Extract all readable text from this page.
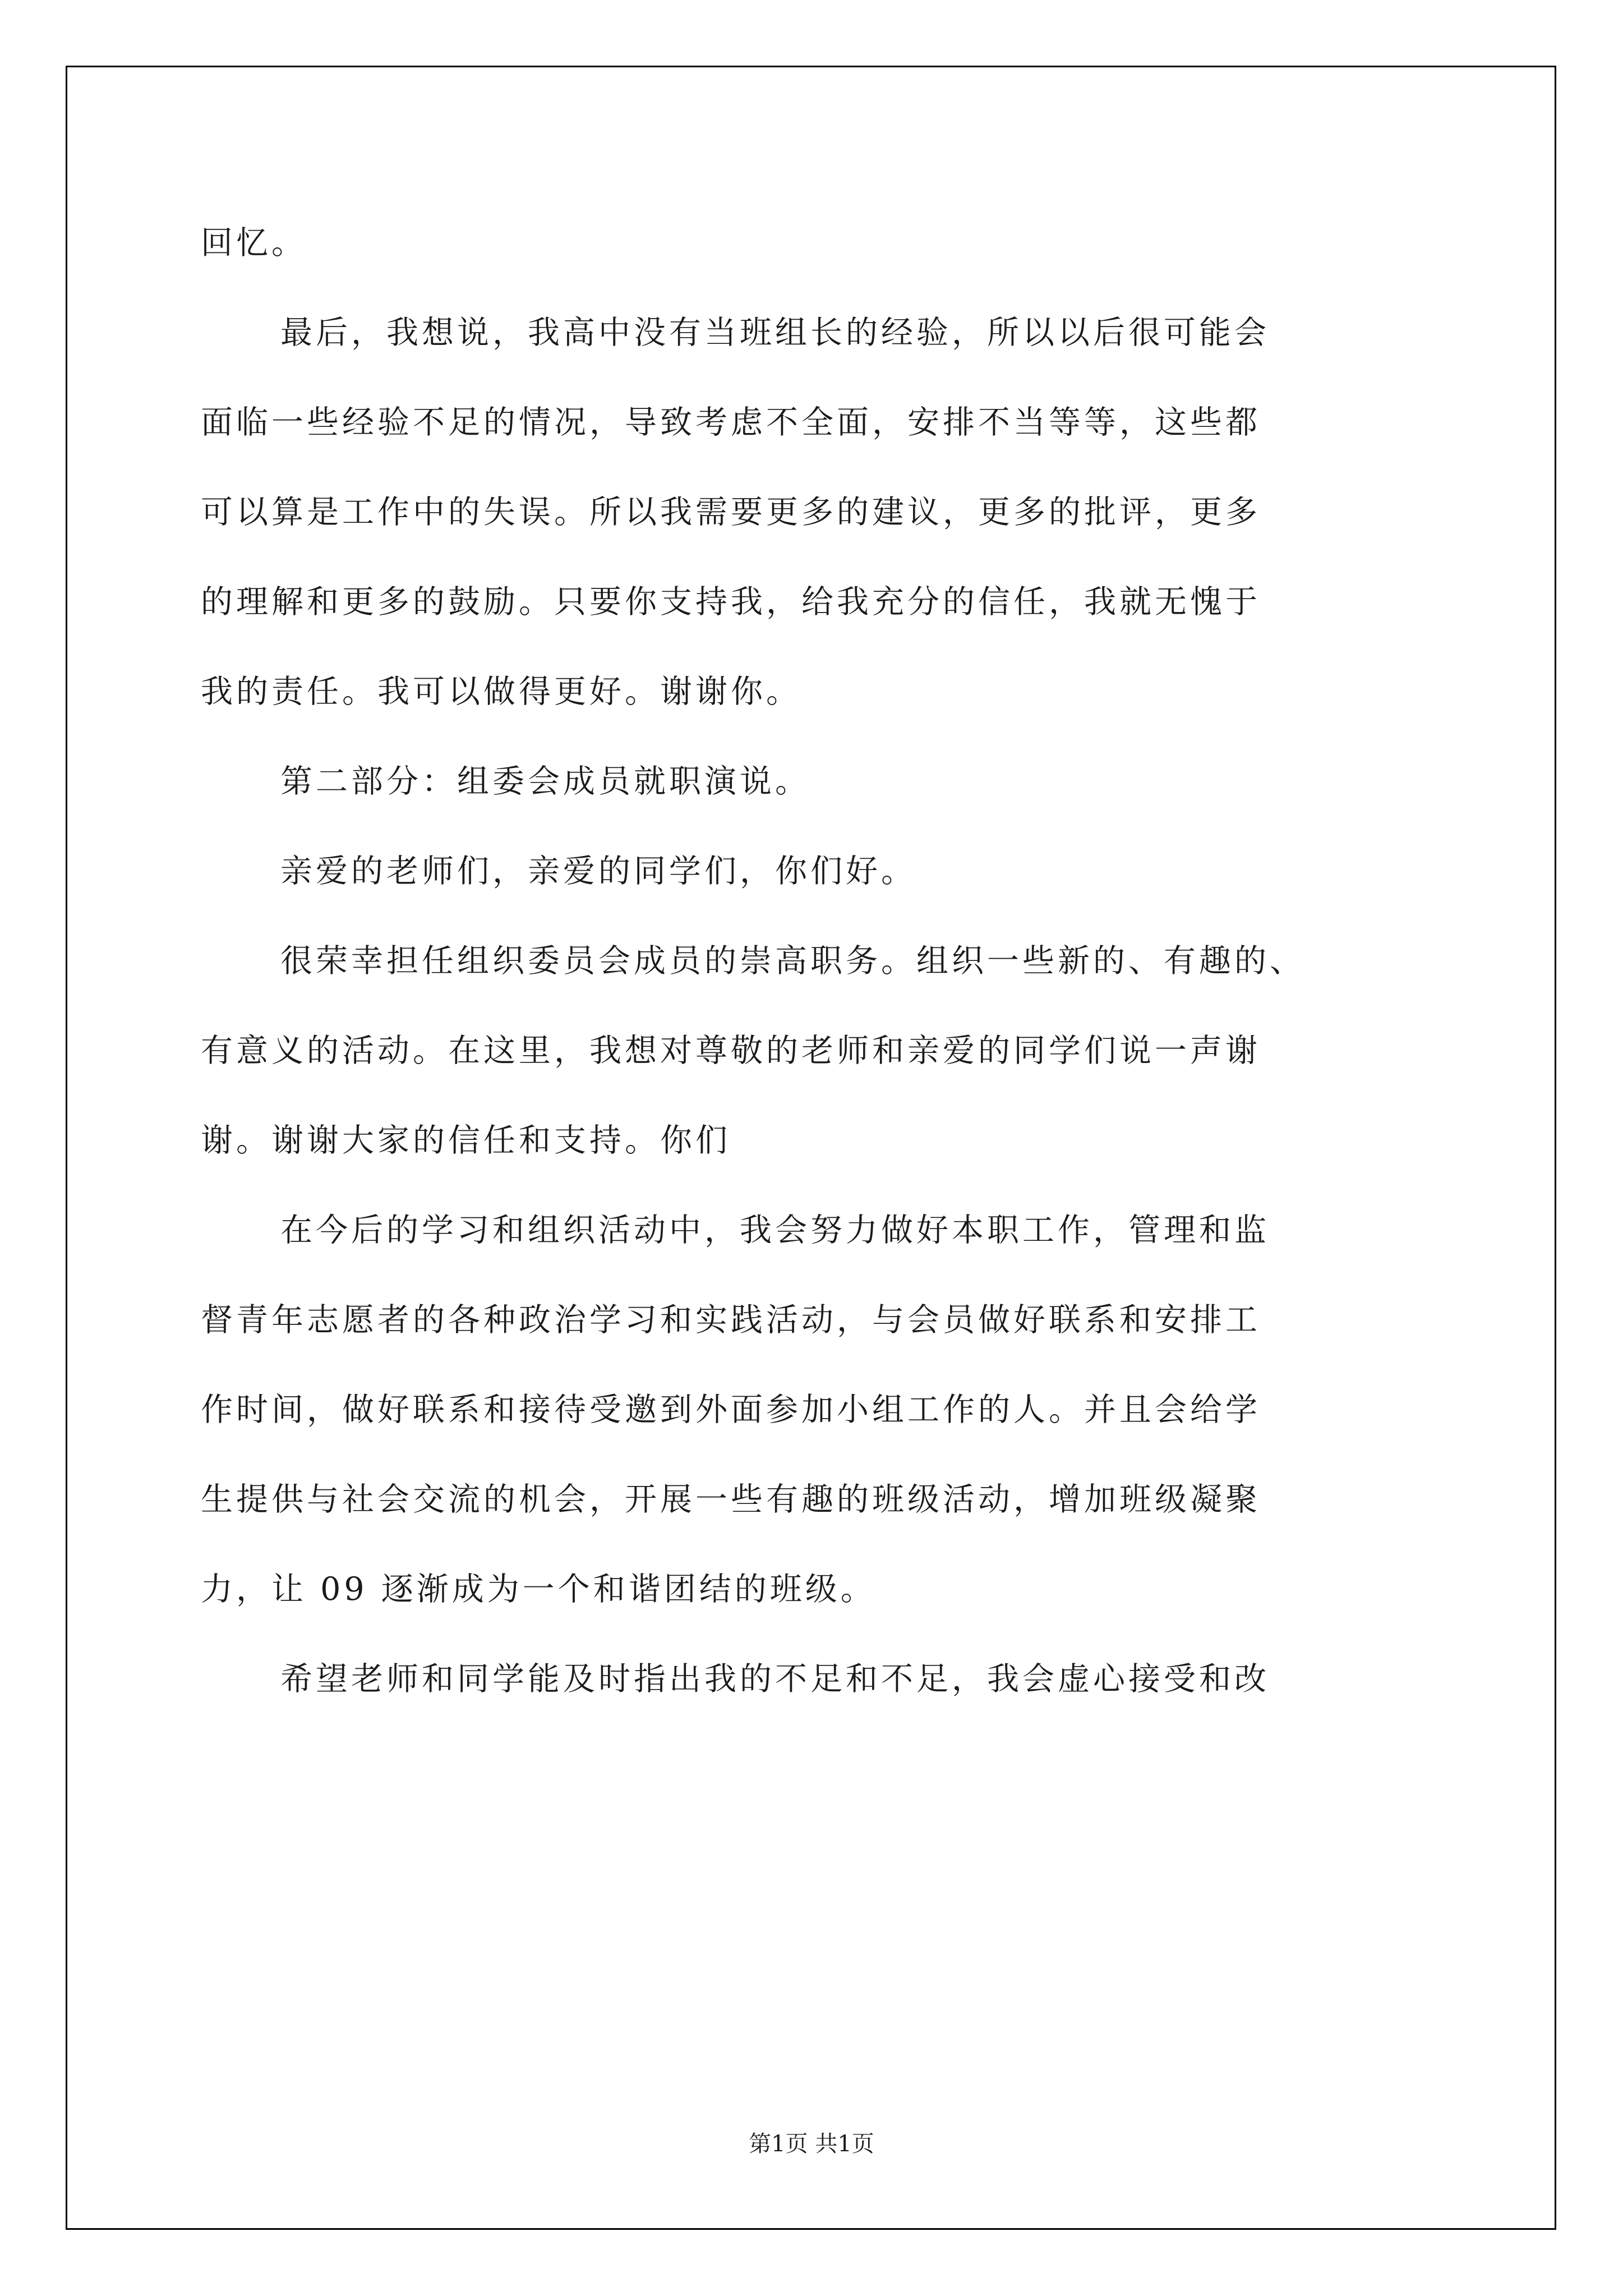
回忆。
最后，我想说，我高中没有当班组长的经验，所以以后很可能会
面临一些经验不足的情况，导致考虑不全面，安排不当等等，这些都
可以算是工作中的失误。所以我需要更多的建议，更多的批评，更多
的理解和更多的鼓励。只要你支持我，给我充分的信任，我就无愧于
我的责任。我可以做得更好。谢谢你。
第二部分：组委会成员就职演说。
亲爱的老师们，亲爱的同学们，你们好。
很荣幸担任组织委员会成员的崇高职务。组织一些新的、有趣的、
有意义的活动。在这里，我想对尊敬的老师和亲爱的同学们说一声谢
谢。谢谢大家的信任和支持。你们
在今后的学习和组织活动中，我会努力做好本职工作，管理和监
督青年志愿者的各种政治学习和实践活动，与会员做好联系和安排工
作时间，做好联系和接待受邀到外面参加小组工作的人。并且会给学
生提供与社会交流的机会，开展一些有趣的班级活动，增加班级凝聚
力，让 09 逐渐成为一个和谐团结的班级。
希望老师和同学能及时指出我的不足和不足，我会虚心接受和改
第1页 共1页
